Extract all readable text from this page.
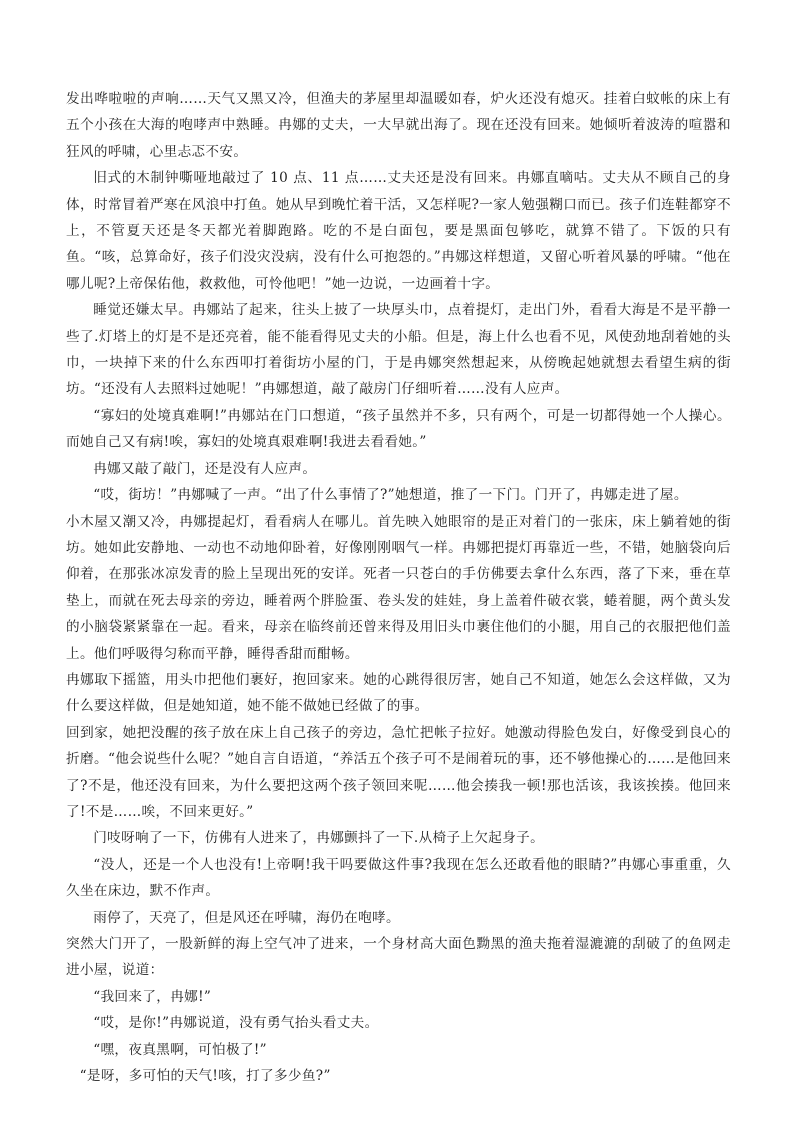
发出哗啦啦的声响……天气又黑又冷，但渔夫的茅屋里却温暖如春，炉火还没有熄灭。挂着白蚊帐的床上有五个小孩在大海的咆哮声中熟睡。冉娜的丈夫，一大早就出海了。现在还没有回来。她倾听着波涛的喧嚣和狂风的呼啸，心里忐忑不安。

旧式的木制钟嘶哑地敲过了 10 点、11 点……丈夫还是没有回来。冉娜直嘀咕。丈夫从不顾自己的身体，时常冒着严寒在风浪中打鱼。她从早到晚忙着干活，又怎样呢?一家人勉强糊口而已。孩子们连鞋都穿不上，不管夏天还是冬天都光着脚跑路。吃的不是白面包，要是黑面包够吃，就算不错了。下饭的只有鱼。“咳，总算命好，孩子们没灾没病，没有什么可抱怨的。”冉娜这样想道，又留心听着风暴的呼啸。“他在哪儿呢?上帝保佑他，救救他，可怜他吧！”她一边说，一边画着十字。

睡觉还嫌太早。冉娜站了起来，往头上披了一块厚头巾，点着提灯，走出门外，看看大海是不是平静一些了.灯塔上的灯是不是还亮着，能不能看得见丈夫的小船。但是，海上什么也看不见，风使劲地刮着她的头巾，一块掉下来的什么东西叩打着街坊小屋的门，于是冉娜突然想起来，从傍晚起她就想去看望生病的街坊。“还没有人去照料过她呢！”冉娜想道，敲了敲房门仔细听着……没有人应声。

“寡妇的处境真难啊!”冉娜站在门口想道，“孩子虽然并不多，只有两个，可是一切都得她一个人操心。而她自己又有病!唉，寡妇的处境真艰难啊!我进去看看她。”

冉娜又敲了敲门，还是没有人应声。

“哎，街坊！”冉娜喊了一声。“出了什么事情了?”她想道，推了一下门。门开了，冉娜走进了屋。

小木屋又潮又冷，冉娜提起灯，看看病人在哪儿。首先映入她眼帘的是正对着门的一张床，床上躺着她的街坊。她如此安静地、一动也不动地仰卧着，好像刚刚咽气一样。冉娜把提灯再靠近一些，不错，她脑袋向后仰着，在那张冰凉发青的脸上呈现出死的安详。死者一只苍白的手仿佛要去拿什么东西，落了下来，垂在草垫上，而就在死去母亲的旁边，睡着两个胖脸蛋、卷头发的娃娃，身上盖着件破衣裳，蜷着腿，两个黄头发的小脑袋紧紧靠在一起。看来，母亲在临终前还曾来得及用旧头巾裹住他们的小腿，用自己的衣服把他们盖上。他们呼吸得匀称而平静，睡得香甜而酣畅。

冉娜取下摇篮，用头巾把他们裹好，抱回家来。她的心跳得很厉害，她自己不知道，她怎么会这样做，又为什么要这样做，但是她知道，她不能不做她已经做了的事。

回到家，她把没醒的孩子放在床上自己孩子的旁边，急忙把帐子拉好。她激动得脸色发白，好像受到良心的折磨。“他会说些什么呢？”她自言自语道，“养活五个孩子可不是闹着玩的事，还不够他操心的……是他回来了?不是，他还没有回来，为什么要把这两个孩子领回来呢……他会揍我一顿!那也活该，我该挨揍。他回来了!不是……唉，不回来更好。”

门吱呀响了一下，仿佛有人进来了，冉娜颤抖了一下.从椅子上欠起身子。

“没人，还是一个人也没有!上帝啊!我干吗要做这件事?我现在怎么还敢看他的眼睛?”冉娜心事重重，久久坐在床边，默不作声。

雨停了，天亮了，但是风还在呼啸，海仍在咆哮。

突然大门开了，一股新鲜的海上空气冲了进来，一个身材高大面色黝黑的渔夫拖着湿漉漉的刮破了的鱼网走进小屋，说道：

“我回来了，冉娜!”

“哎，是你!”冉娜说道，没有勇气抬头看丈夫。

“嘿，夜真黑啊，可怕极了!”

“是呀，多可怕的天气!咳，打了多少鱼?”
